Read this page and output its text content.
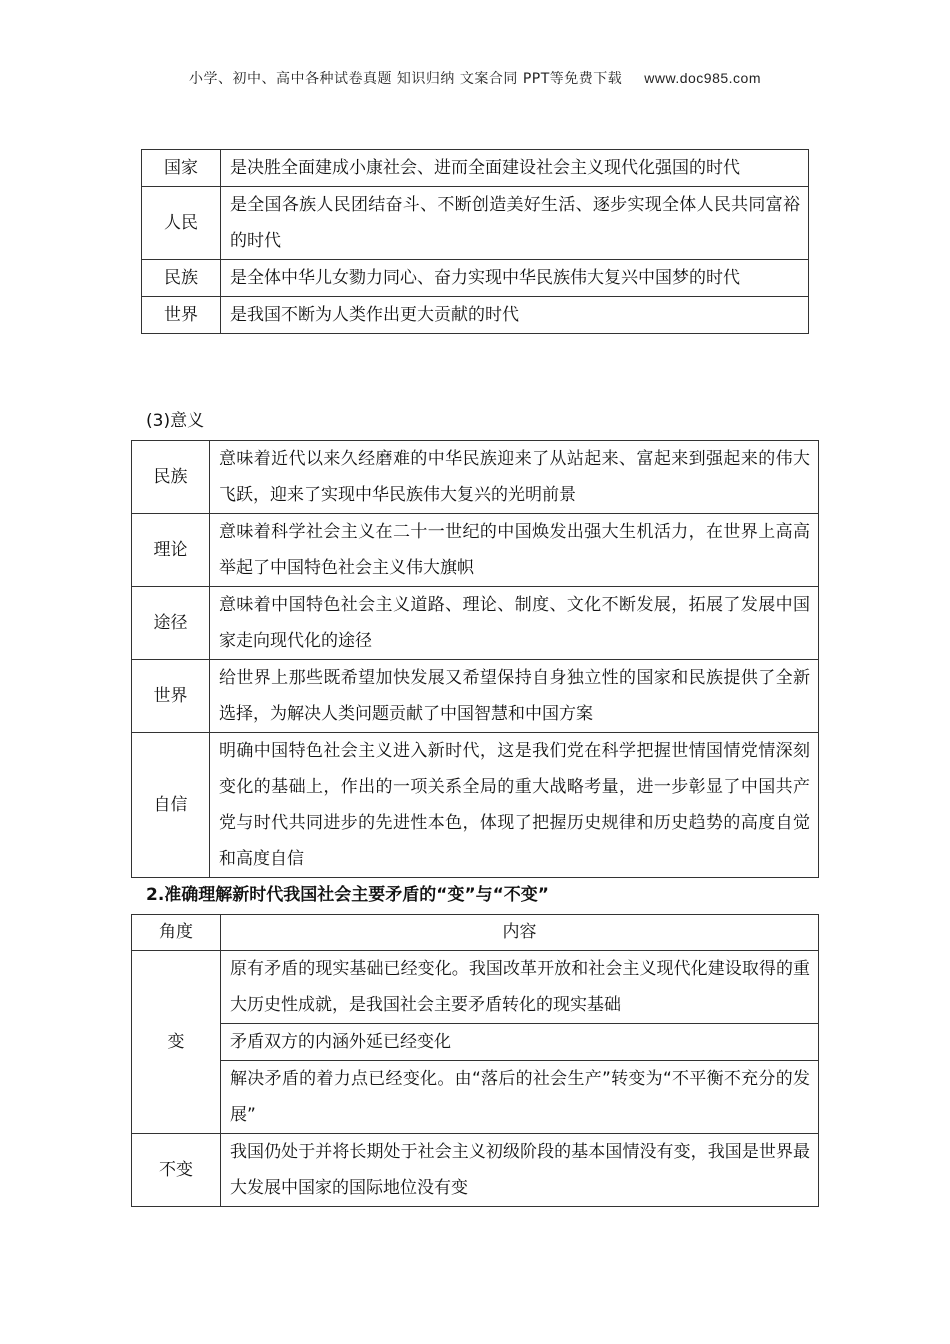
小学、初中、高中各种试卷真题 知识归纳 文案合同 PPT等免费下载 www.doc985.com
国家	是决胜全面建成小康社会、进而全面建设社会主义现代化强国的时代
人民	是全国各族人民团结奋斗、不断创造美好生活、逐步实现全体人民共同富裕的时代
民族	是全体中华儿女勠力同心、奋力实现中华民族伟大复兴中国梦的时代
世界	是我国不断为人类作出更大贡献的时代
(3)意义
民族	意味着近代以来久经磨难的中华民族迎来了从站起来、富起来到强起来的伟大飞跃，迎来了实现中华民族伟大复兴的光明前景
理论	意味着科学社会主义在二十一世纪的中国焕发出强大生机活力，在世界上高高举起了中国特色社会主义伟大旗帜
途径	意味着中国特色社会主义道路、理论、制度、文化不断发展，拓展了发展中国家走向现代化的途径
世界	给世界上那些既希望加快发展又希望保持自身独立性的国家和民族提供了全新选择，为解决人类问题贡献了中国智慧和中国方案
自信	明确中国特色社会主义进入新时代，这是我们党在科学把握世情国情党情深刻变化的基础上，作出的一项关系全局的重大战略考量，进一步彰显了中国共产党与时代共同进步的先进性本色，体现了把握历史规律和历史趋势的高度自觉和高度自信
2.准确理解新时代我国社会主要矛盾的“变”与“不变”
角度	内容
变	原有矛盾的现实基础已经变化。我国改革开放和社会主义现代化建设取得的重大历史性成就，是我国社会主要矛盾转化的现实基础
	矛盾双方的内涵外延已经变化
	解决矛盾的着力点已经变化。由“落后的社会生产”转变为“不平衡不充分的发展”
不变	我国仍处于并将长期处于社会主义初级阶段的基本国情没有变，我国是世界最大发展中国家的国际地位没有变
